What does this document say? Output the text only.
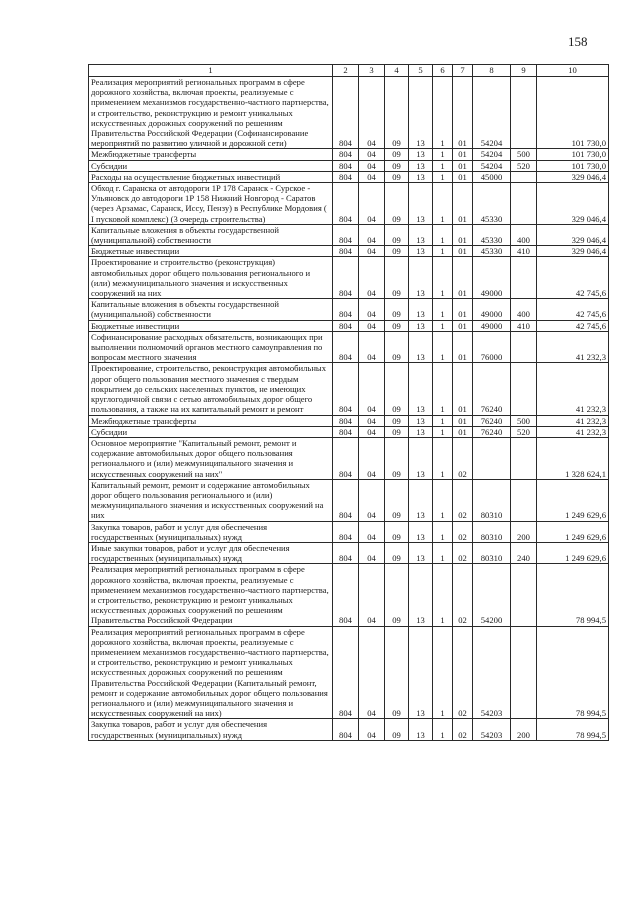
158
1	2	3	4	5	6	7	8	9	10
Реализация мероприятий региональных программ в сфере дорожного хозяйства, включая проекты, реализуемые с применением механизмов государственно-частного партнерства, и строительство, реконструкцию и ремонт уникальных искусственных дорожных сооружений по решениям Правительства Российской Федерации (Софинансирование мероприятий по развитию уличной и дорожной сети)	804	04	09	13	1	01	54204		101 730,0
Межбюджетные трансферты	804	04	09	13	1	01	54204	500	101 730,0
Субсидии	804	04	09	13	1	01	54204	520	101 730,0
Расходы на осуществление бюджетных инвестиций	804	04	09	13	1	01	45000		329 046,4
Обход г. Саранска от автодороги 1Р 178 Саранск - Сурское - Ульяновск до автодороги 1Р 158 Нижний Новгород - Саратов (через Арзамас, Саранск, Исcу, Пензу) в Республике Мордовия ( I пусковой комплекс) (3 очередь строительства)	804	04	09	13	1	01	45330		329 046,4
Капитальные вложения в объекты государственной (муниципальной) собственности	804	04	09	13	1	01	45330	400	329 046,4
Бюджетные инвестиции	804	04	09	13	1	01	45330	410	329 046,4
Проектирование и строительство (реконструкция) автомобильных дорог общего пользования регионального и (или) межмуниципального значения и искусственных сооружений на них	804	04	09	13	1	01	49000		42 745,6
Капитальные вложения в объекты государственной (муниципальной) собственности	804	04	09	13	1	01	49000	400	42 745,6
Бюджетные инвестиции	804	04	09	13	1	01	49000	410	42 745,6
Софинансирование расходных обязательств, возникающих при выполнении полномочий органов местного самоуправления по вопросам местного значения	804	04	09	13	1	01	76000		41 232,3
Проектирование, строительство, реконструкция автомобильных дорог общего пользования местного значения с твердым покрытием до сельских населенных пунктов, не имеющих круглогодичной связи с сетью автомобильных дорог общего пользования, а также на их капитальный ремонт и ремонт	804	04	09	13	1	01	76240		41 232,3
Межбюджетные трансферты	804	04	09	13	1	01	76240	500	41 232,3
Субсидии	804	04	09	13	1	01	76240	520	41 232,3
Основное мероприятие "Капитальный ремонт, ремонт и содержание автомобильных дорог общего пользования регионального и (или) межмуниципального значения и искусственных сооружений на них"	804	04	09	13	1	02			1 328 624,1
Капитальный ремонт, ремонт и содержание автомобильных дорог общего пользования регионального и (или) межмуниципального значения и искусственных сооружений на них	804	04	09	13	1	02	80310		1 249 629,6
Закупка товаров, работ и услуг для обеспечения государственных (муниципальных) нужд	804	04	09	13	1	02	80310	200	1 249 629,6
Иные закупки товаров, работ и услуг для обеспечения государственных (муниципальных) нужд	804	04	09	13	1	02	80310	240	1 249 629,6
Реализация мероприятий региональных программ в сфере дорожного хозяйства, включая проекты, реализуемые с применением механизмов государственно-частного партнерства, и строительство, реконструкцию и ремонт уникальных искусственных дорожных сооружений по решениям Правительства Российской Федерации	804	04	09	13	1	02	54200		78 994,5
Реализация мероприятий региональных программ в сфере дорожного хозяйства, включая проекты, реализуемые с применением механизмов государственно-частного партнерства, и строительство, реконструкцию и ремонт уникальных искусственных дорожных сооружений по решениям Правительства Российской Федерации (Капитальный ремонт, ремонт и содержание автомобильных дорог общего пользования регионального и (или) межмуниципального значения и искусственных сооружений на них)	804	04	09	13	1	02	54203		78 994,5
Закупка товаров, работ и услуг для обеспечения государственных (муниципальных) нужд	804	04	09	13	1	02	54203	200	78 994,5
